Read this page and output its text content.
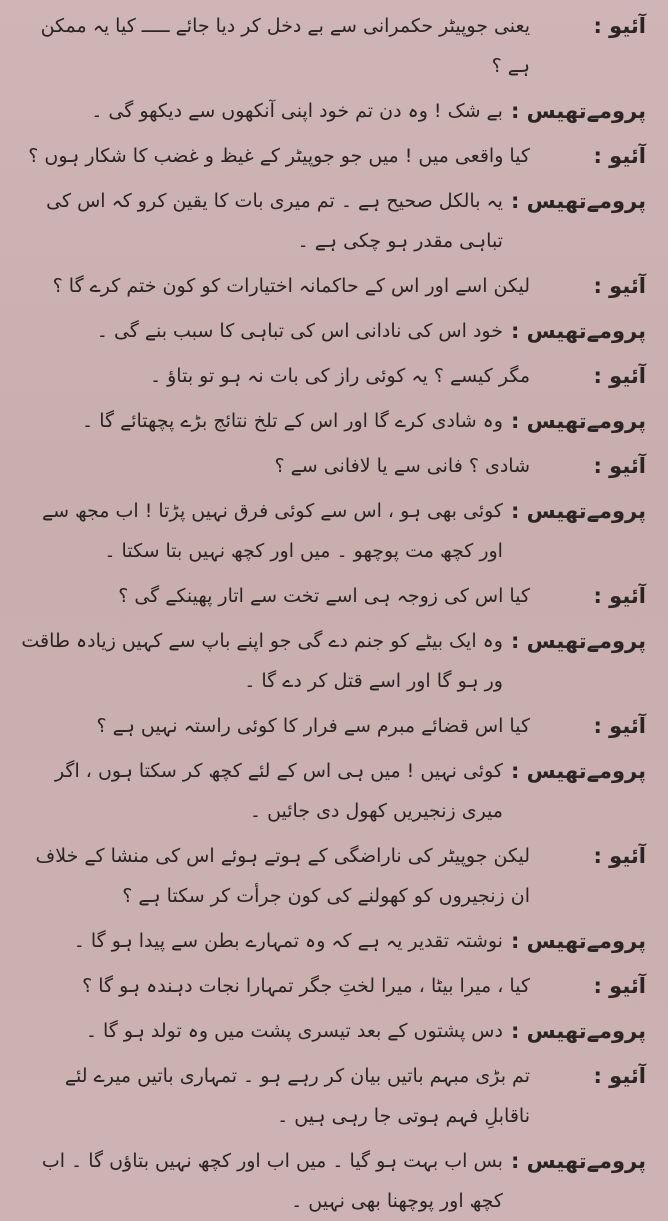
آئیو :
یعنی جوپیٹر حکمرانی سے بے دخل کر دیا جائے ـــــ کیا یہ ممکن ہے ؟
پرومےتھیس :
بے شک ! وہ دن تم خود اپنی آنکھوں سے دیکھو گی ۔
آئیو :
کیا واقعی میں ! میں جو جوپیٹر کے غیظ و غضب کا شکار ہوں ؟
پرومےتھیس :
یہ بالکل صحیح ہے ۔ تم میری بات کا یقین کرو کہ اس کی تباہی مقدر ہو چکی ہے ۔
آئیو :
لیکن اسے اور اس کے حاکمانہ اختیارات کو کون ختم کرے گا ؟
پرومےتھیس :
خود اس کی نادانی اس کی تباہی کا سبب بنے گی ۔
آئیو :
مگر کیسے ؟ یہ کوئی راز کی بات نہ ہو تو بتاؤ ۔
پرومےتھیس :
وہ شادی کرے گا اور اس کے تلخ نتائج بڑے پچھتائے گا ۔
آئیو :
شادی ؟ فانی سے یا لافانی سے ؟
پرومےتھیس :
کوئی بھی ہو ، اس سے کوئی فرق نہیں پڑتا ! اب مجھ سے اور کچھ مت پوچھو ۔ میں اور کچھ نہیں بتا سکتا ۔
آئیو :
کیا اس کی زوجہ ہی اسے تخت سے اتار پھینکے گی ؟
پرومےتھیس :
وہ ایک بیٹے کو جنم دے گی جو اپنے باپ سے کہیں زیادہ طاقت ور ہو گا اور اسے قتل کر دے گا ۔
آئیو :
کیا اس قضائے مبرم سے فرار کا کوئی راستہ نہیں ہے ؟
پرومےتھیس :
کوئی نہیں ! میں ہی اس کے لئے کچھ کر سکتا ہوں ، اگر میری زنجیریں کھول دی جائیں ۔
آئیو :
لیکن جوپیٹر کی ناراضگی کے ہوتے ہوئے اس کی منشا کے خلاف ان زنجیروں کو کھولنے کی کون جرأت کر سکتا ہے ؟
پرومےتھیس :
نوشتہ تقدیر یہ ہے کہ وہ تمہارے بطن سے پیدا ہو گا ۔
آئیو :
کیا ، میرا بیٹا ، میرا لختِ جگر تمہارا نجات دہندہ ہو گا ؟
پرومےتھیس :
دس پشتوں کے بعد تیسری پشت میں وہ تولد ہو گا ۔
آئیو :
تم بڑی مبہم باتیں بیان کر رہے ہو ۔ تمہاری باتیں میرے لئے ناقابلِ فہم ہوتی جا رہی ہیں ۔
پرومےتھیس :
بس اب بہت ہو گیا ۔ میں اب اور کچھ نہیں بتاؤں گا ۔ اب کچھ اور پوچھنا بھی نہیں ۔
